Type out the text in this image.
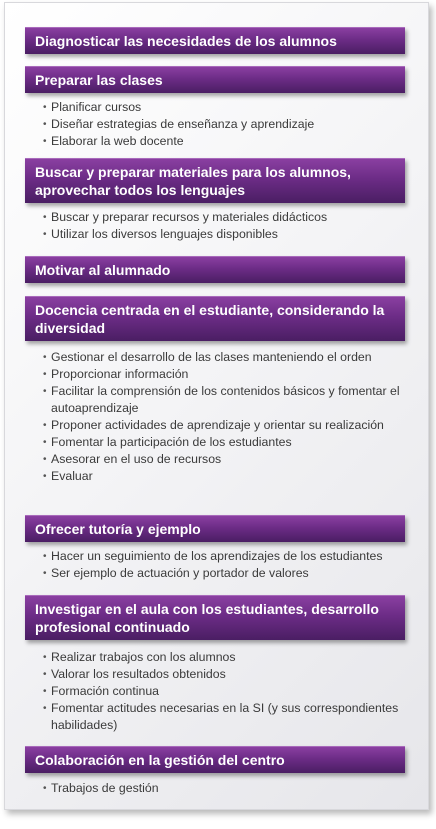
Diagnosticar las necesidades de los alumnos
Preparar las clases
• Planificar cursos
• Diseñar estrategias de enseñanza y aprendizaje
• Elaborar la web docente
Buscar y preparar materiales para los alumnos, aprovechar todos los lenguajes
• Buscar y preparar recursos y materiales didácticos
• Utilizar los diversos lenguajes disponibles
Motivar al alumnado
Docencia centrada en el estudiante, considerando la diversidad
• Gestionar el desarrollo de las clases manteniendo el orden
• Proporcionar información
• Facilitar la comprensión de los contenidos básicos y fomentar el autoaprendizaje
• Proponer actividades de aprendizaje y orientar su realización
• Fomentar la participación de los estudiantes
• Asesorar en el uso de recursos
• Evaluar
Ofrecer tutoría y ejemplo
• Hacer un seguimiento de los aprendizajes de los estudiantes
• Ser ejemplo de actuación y portador de valores
Investigar en el aula con los estudiantes, desarrollo profesional continuado
• Realizar trabajos con los alumnos
• Valorar los resultados obtenidos
• Formación continua
• Fomentar actitudes necesarias en la SI (y sus correspondientes habilidades)
Colaboración en la gestión del centro
• Trabajos de gestión
